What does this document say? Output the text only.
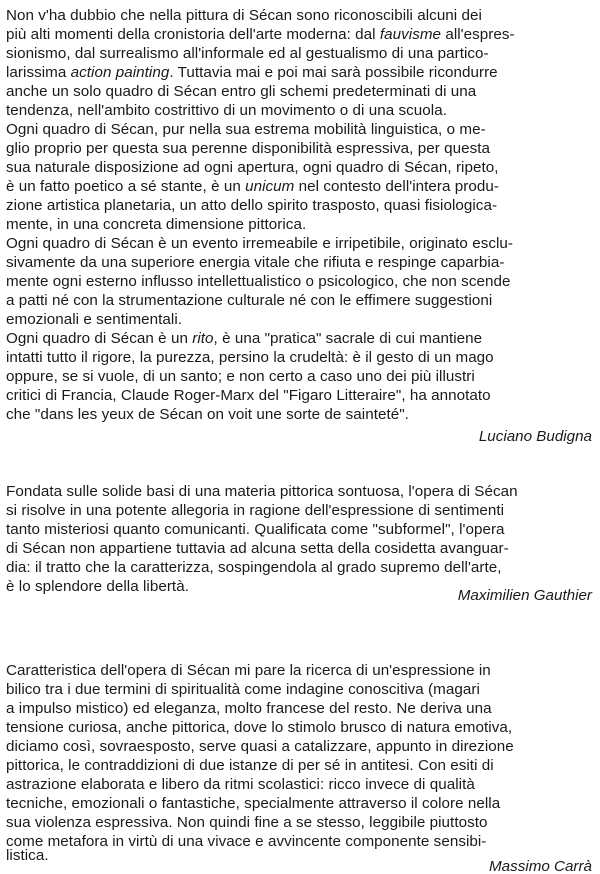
Non v'ha dubbio che nella pittura di Sécan sono riconoscibili alcuni dei
più alti momenti della cronistoria dell'arte moderna: dal fauvisme all'espres-
sionismo, dal surrealismo all'informale ed al gestualismo di una partico-
larissima action painting. Tuttavia mai e poi mai sarà possibile ricondurre
anche un solo quadro di Sécan entro gli schemi predeterminati di una
tendenza, nell'ambito costrittivo di un movimento o di una scuola.
Ogni quadro di Sécan, pur nella sua estrema mobilità linguistica, o me-
glio proprio per questa sua perenne disponibilità espressiva, per questa
sua naturale disposizione ad ogni apertura, ogni quadro di Sécan, ripeto,
è un fatto poetico a sé stante, è un unicum nel contesto dell'intera produ-
zione artistica planetaria, un atto dello spirito trasposto, quasi fisiologica-
mente, in una concreta dimensione pittorica.
Ogni quadro di Sécan è un evento irremeabile e irripetibile, originato esclu-
sivamente da una superiore energia vitale che rifiuta e respinge caparbia-
mente ogni esterno influsso intellettualistico o psicologico, che non scende
a patti né con la strumentazione culturale né con le effimere suggestioni
emozionali e sentimentali.
Ogni quadro di Sécan è un rito, è una "pratica" sacrale di cui mantiene
intatti tutto il rigore, la purezza, persino la crudeltà: è il gesto di un mago
oppure, se si vuole, di un santo; e non certo a caso uno dei più illustri
critici di Francia, Claude Roger-Marx del "Figaro Litteraire", ha annotato
che "dans les yeux de Sécan on voit une sorte de sainteté".
Luciano Budigna
Fondata sulle solide basi di una materia pittorica sontuosa, l'opera di Sécan
si risolve in una potente allegoria in ragione dell'espressione di sentimenti
tanto misteriosi quanto comunicanti. Qualificata come "subformel", l'opera
di Sécan non appartiene tuttavia ad alcuna setta della cosidetta avanguar-
dia: il tratto che la caratterizza, sospingendola al grado supremo dell'arte,
è lo splendore della libertà.
Maximilien Gauthier
Caratteristica dell'opera di Sécan mi pare la ricerca di un'espressione in
bilico tra i due termini di spiritualità come indagine conoscitiva (magari
a impulso mistico) ed eleganza, molto francese del resto. Ne deriva una
tensione curiosa, anche pittorica, dove lo stimolo brusco di natura emotiva,
diciamo così, sovraesposto, serve quasi a catalizzare, appunto in direzione
pittorica, le contraddizioni di due istanze di per sé in antitesi. Con esiti di
astrazione elaborata e libero da ritmi scolastici: ricco invece di qualità
tecniche, emozionali o fantastiche, specialmente attraverso il colore nella
sua violenza espressiva. Non quindi fine a se stesso, leggibile piuttosto
come metafora in virtù di una vivace e avvincente componente sensibi-
listica.
Massimo Carrà
